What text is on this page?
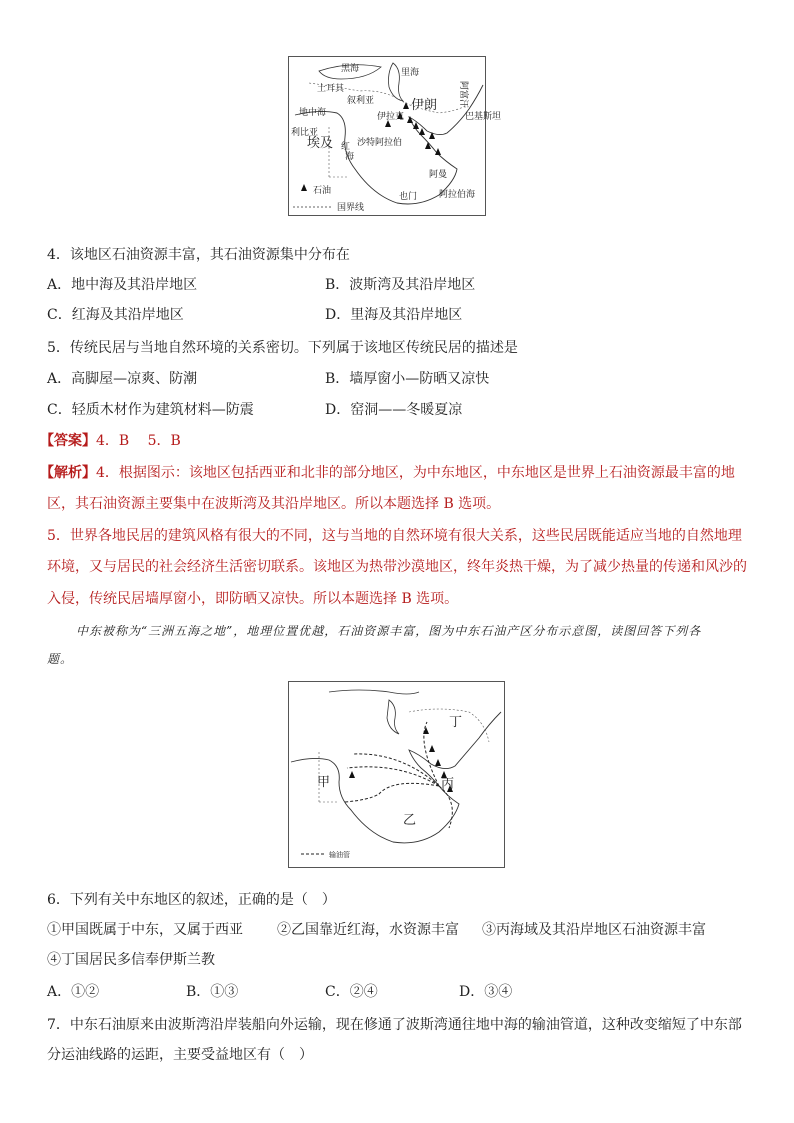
黑海	里海
土耳其
伊朗 阿富汗
巴基斯坦
叙利亚
伊拉克
地中海
利比亚
埃及 红
海
沙特阿拉伯
也门
阿曼
阿拉伯海
石油
国界线
4．该地区石油资源丰富，其石油资源集中分布在
A．地中海及其沿岸地区	B．波斯湾及其沿岸地区
C．红海及其沿岸地区	D．里海及其沿岸地区
5．传统民居与当地自然环境的关系密切。下列属于该地区传统民居的描述是
A．高脚屋—凉爽、防潮	B．墙厚窗小—防晒又凉快
C．轻质木材作为建筑材料—防震	D．窑洞——冬暖夏凉
【答案】4．B　 5．B
【解析】4．根据图示：该地区包括西亚和北非的部分地区，为中东地区，中东地区是世界上石油资源最丰富的地
区，其石油资源主要集中在波斯湾及其沿岸地区。所以本题选择 B 选项。
5．世界各地民居的建筑风格有很大的不同，这与当地的自然环境有很大关系，这些民居既能适应当地的自然地理
环境，又与居民的社会经济生活密切联系。该地区为热带沙漠地区，终年炎热干燥，为了减少热量的传递和风沙的
入侵，传统民居墙厚窗小，即防晒又凉快。所以本题选择 B 选项。
中东被称为“三洲五海之地”，地理位置优越，石油资源丰富，图为中东石油产区分布示意图，读图回答下列各
题。
甲
乙
丙
丁
输油管
6．下列有关中东地区的叙述，正确的是（　）
①甲国既属于中东，又属于西亚 ②乙国靠近红海，水资源丰富 ③丙海域及其沿岸地区石油资源丰富
④丁国居民多信奉伊斯兰教
A．①②	B．①③	C．②④	D．③④
7．中东石油原来由波斯湾沿岸装船向外运输，现在修通了波斯湾通往地中海的输油管道，这种改变缩短了中东部
分运油线路的运距，主要受益地区有（　）
